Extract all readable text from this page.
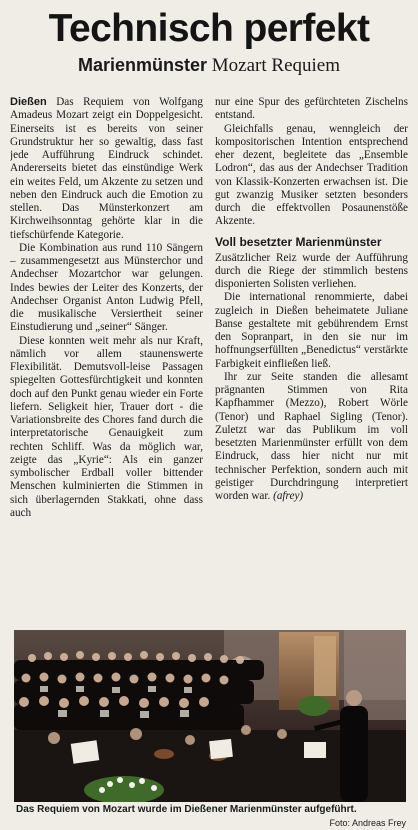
Technisch perfekt
Marienmünster Mozart Requiem

Dießen Das Requiem von Wolfgang Amadeus Mozart zeigt ein Doppelgesicht. Einerseits ist es bereits von seiner Grundstruktur her so gewaltig, dass fast jede Aufführung Eindruck schindet. Andererseits bietet das einstündige Werk ein weites Feld, um Akzente zu setzen und neben den Eindruck auch die Emotion zu stellen. Das Münsterkonzert am Kirchweihsonntag gehörte klar in die tiefschürfende Kategorie.

Die Kombination aus rund 110 Sängern – zusammengesetzt aus Münsterchor und Andechser Mozartchor war gelungen. Indes bewies der Leiter des Konzerts, der Andechser Organist Anton Ludwig Pfell, die musikalische Versiertheit seiner Einstudierung und „seiner“ Sänger.

Diese konnten weit mehr als nur Kraft, nämlich vor allem staunenswerte Flexibilität. Demutsvoll-leise Passagen spiegelten Gottesfürchtigkeit und konnten doch auf den Punkt genau wieder ein Forte liefern. Seligkeit hier, Trauer dort - die Variationsbreite des Chores fand durch die interpretatorische Genauigkeit zum rechten Schliff. Was da möglich war, zeigte das „Kyrie“: Als ein ganzer symbolischer Erdball voller bittender Menschen kulminierten die Stimmen in sich überlagernden Stakkati, ohne dass auch

nur eine Spur des gefürchteten Zischelns entstand.

Gleichfalls genau, wenngleich der kompositorischen Intention entsprechend eher dezent, begleitete das „Ensemble Lodron“, das aus der Andechser Tradition von Klassik-Konzerten erwachsen ist. Die gut zwanzig Musiker setzten besonders durch die effektvollen Posaunenstöße Akzente.

Voll besetzter Marienmünster

Zusätzlicher Reiz wurde der Aufführung durch die Riege der stimmlich bestens disponierten Solisten verliehen.

Die international renommierte, dabei zugleich in Dießen beheimatete Juliane Banse gestaltete mit gebührendem Ernst den Sopranpart, in den sie nur im hoffnungserfüllten „Benedictus“ verstärkte Farbigkeit einfließen ließ.

Ihr zur Seite standen die allesamt prägnanten Stimmen von Rita Kapfhammer (Mezzo), Robert Wörle (Tenor) und Raphael Sigling (Tenor). Zuletzt war das Publikum im voll besetzten Marienmünster erfüllt von dem Eindruck, dass hier nicht nur mit technischer Perfektion, sondern auch mit geistiger Durchdringung interpretiert worden war. (afrey)

Das Requiem von Mozart wurde im Dießener Marienmünster aufgeführt.
Foto: Andreas Frey
